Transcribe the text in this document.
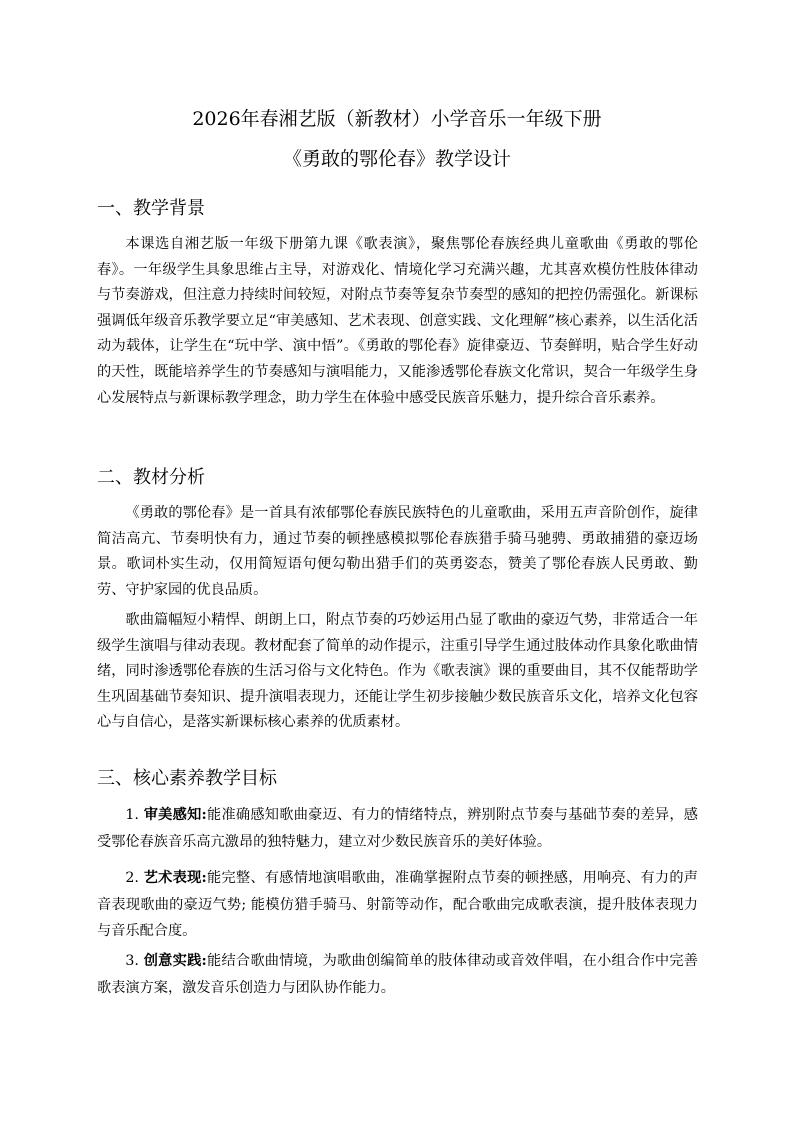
2026年春湘艺版（新教材）小学音乐一年级下册
《勇敢的鄂伦春》教学设计
一、教学背景

本课选自湘艺版一年级下册第九课《歌表演》，聚焦鄂伦春族经典儿童歌曲《勇敢的鄂伦春》。一年级学生具象思维占主导，对游戏化、情境化学习充满兴趣，尤其喜欢模仿性肢体律动与节奏游戏，但注意力持续时间较短，对附点节奏等复杂节奏型的感知的把控仍需强化。新课标强调低年级音乐教学要立足“审美感知、艺术表现、创意实践、文化理解”核心素养，以生活化活动为载体，让学生在“玩中学、演中悟”。《勇敢的鄂伦春》旋律豪迈、节奏鲜明，贴合学生好动的天性，既能培养学生的节奏感知与演唱能力，又能渗透鄂伦春族文化常识，契合一年级学生身心发展特点与新课标教学理念，助力学生在体验中感受民族音乐魅力，提升综合音乐素养。

二、教材分析

《勇敢的鄂伦春》是一首具有浓郁鄂伦春族民族特色的儿童歌曲，采用五声音阶创作，旋律简洁高亢、节奏明快有力，通过节奏的顿挫感模拟鄂伦春族猎手骑马驰骋、勇敢捕猎的豪迈场景。歌词朴实生动，仅用简短语句便勾勒出猎手们的英勇姿态，赞美了鄂伦春族人民勇敢、勤劳、守护家园的优良品质。

歌曲篇幅短小精悍、朗朗上口，附点节奏的巧妙运用凸显了歌曲的豪迈气势，非常适合一年级学生演唱与律动表现。教材配套了简单的动作提示，注重引导学生通过肢体动作具象化歌曲情绪，同时渗透鄂伦春族的生活习俗与文化特色。作为《歌表演》课的重要曲目，其不仅能帮助学生巩固基础节奏知识、提升演唱表现力，还能让学生初步接触少数民族音乐文化，培养文化包容心与自信心，是落实新课标核心素养的优质素材。

三、核心素养教学目标

1. 审美感知:能准确感知歌曲豪迈、有力的情绪特点，辨别附点节奏与基础节奏的差异，感受鄂伦春族音乐高亢激昂的独特魅力，建立对少数民族音乐的美好体验。

2. 艺术表现:能完整、有感情地演唱歌曲，准确掌握附点节奏的顿挫感，用响亮、有力的声音表现歌曲的豪迈气势; 能模仿猎手骑马、射箭等动作，配合歌曲完成歌表演，提升肢体表现力与音乐配合度。

3. 创意实践:能结合歌曲情境，为歌曲创编简单的肢体律动或音效伴唱，在小组合作中完善歌表演方案，激发音乐创造力与团队协作能力。
